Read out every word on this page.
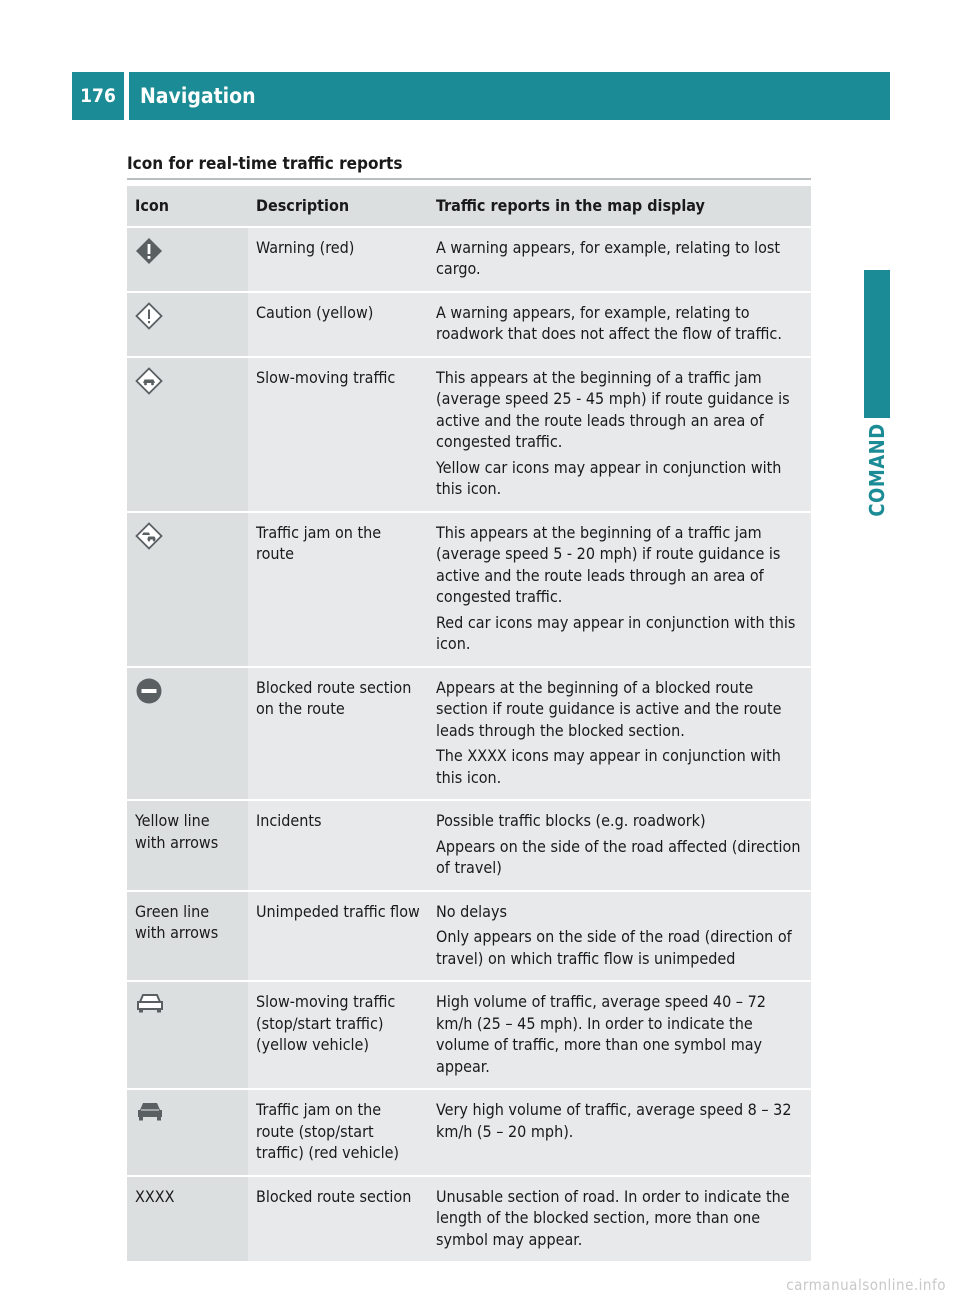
176	Navigation
COMAND
Icon for real-time traffic reports
Icon	Description	Traffic reports in the map display
	Warning (red)	A warning appears, for example, relating to lost cargo.

	Caution (yellow)	A warning appears, for example, relating to roadwork that does not affect the flow of traffic.

	Slow-moving traffic	This appears at the beginning of a traffic jam (average speed 25 - 45 mph) if route guidance is active and the route leads through an area of congested traffic.

Yellow car icons may appear in conjunction with this icon.

	Traffic jam on the route	This appears at the beginning of a traffic jam (average speed 5 - 20 mph) if route guidance is active and the route leads through an area of congested traffic.

Red car icons may appear in conjunction with this icon.

	Blocked route section on the route	Appears at the beginning of a blocked route section if route guidance is active and the route leads through the blocked section.

The XXXX icons may appear in conjunction with this icon.

Yellow line with arrows	Incidents	Possible traffic blocks (e.g. roadwork)

Appears on the side of the road affected (direction of travel)

Green line with arrows	Unimpeded traffic flow	No delays

Only appears on the side of the road (direction of travel) on which traffic flow is unimpeded

	Slow-moving traffic (stop/start traffic) (yellow vehicle)	High volume of traffic, average speed 40 – 72 km/h (25 – 45 mph). In order to indicate the volume of traffic, more than one symbol may appear.

	Traffic jam on the route (stop/start traffic) (red vehicle)	Very high volume of traffic, average speed 8 – 32 km/h (5 – 20 mph).

XXXX	Blocked route section	Unusable section of road. In order to indicate the length of the blocked section, more than one symbol may appear.

carmanualsonline.info
